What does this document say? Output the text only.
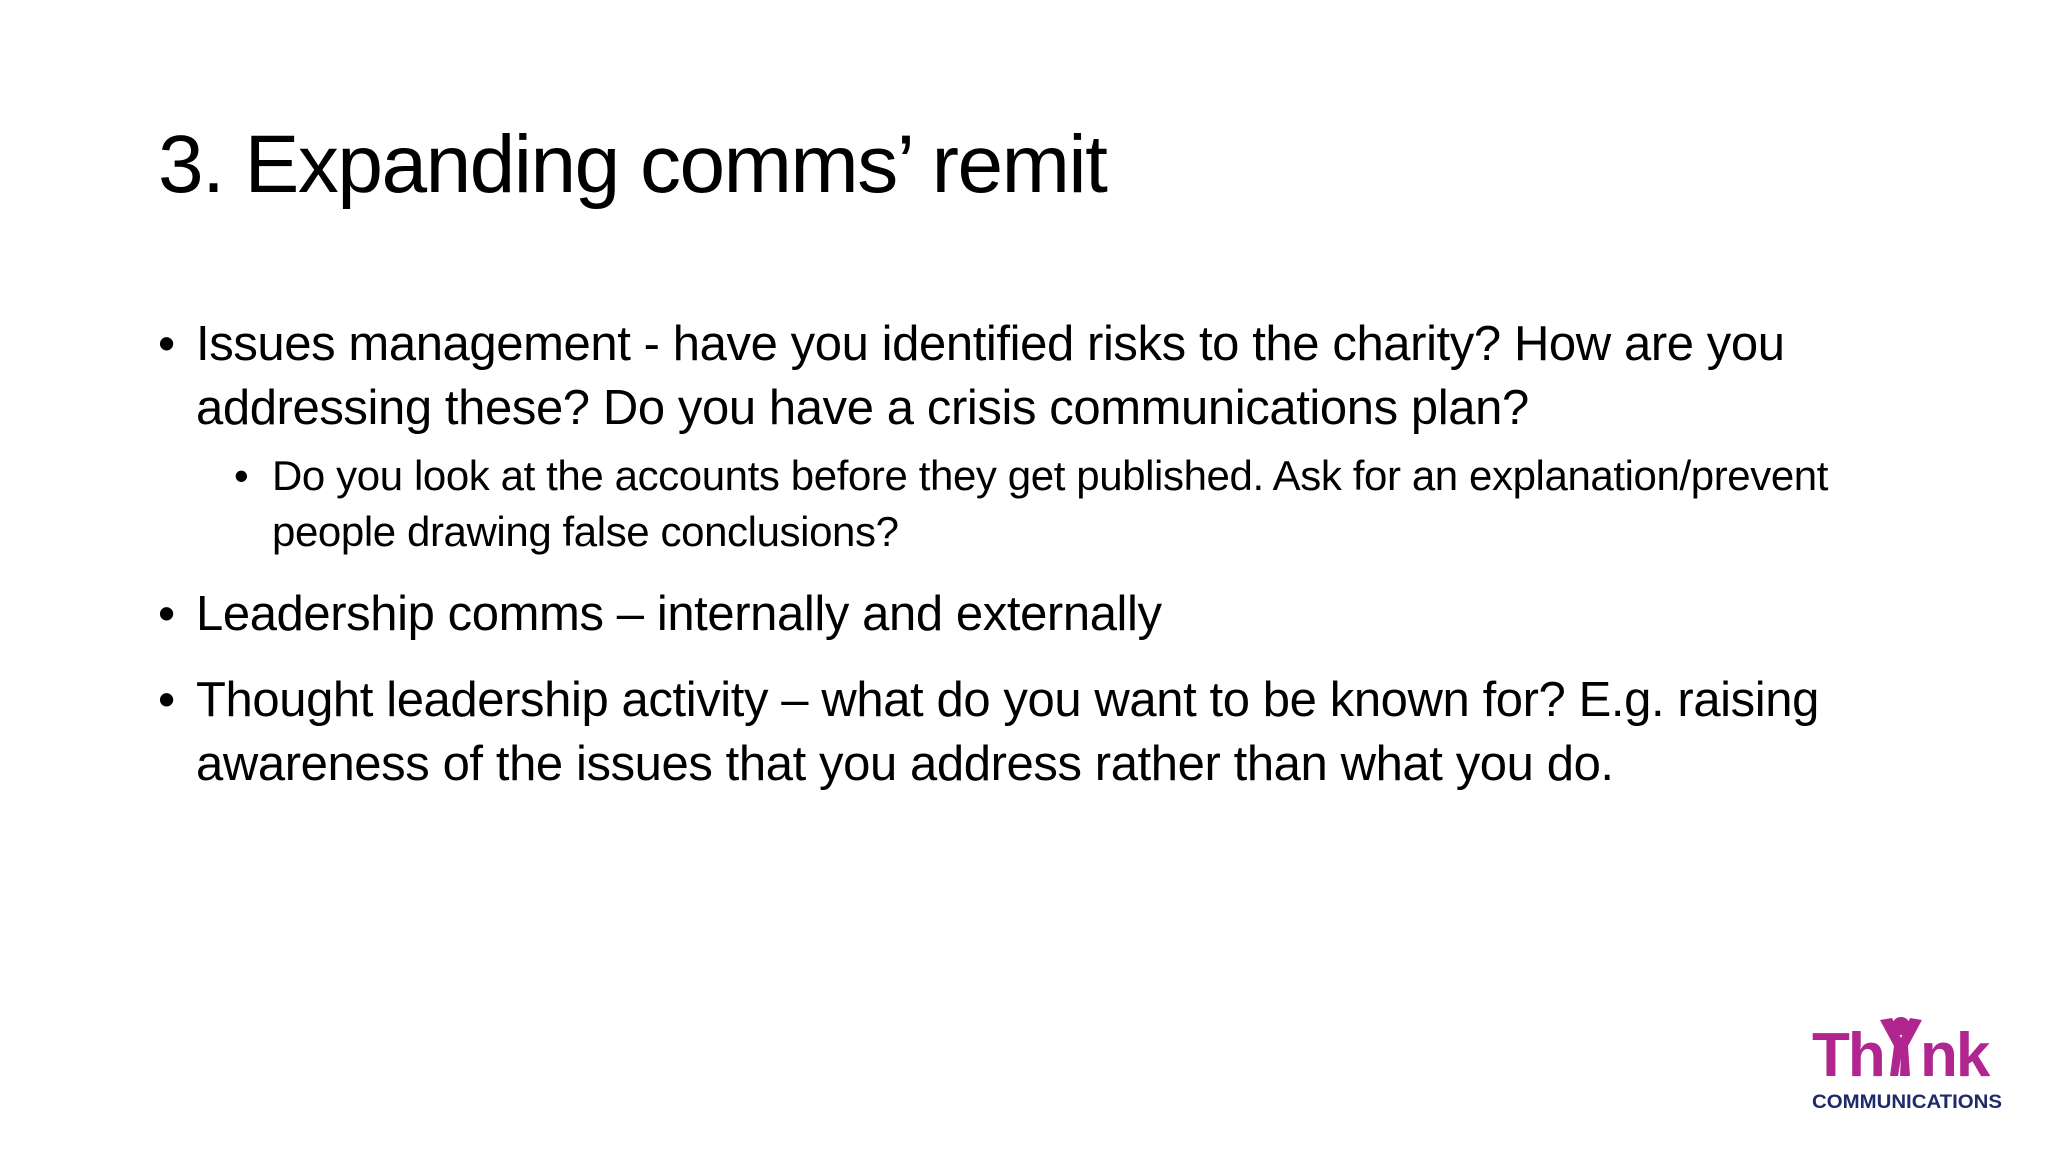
3. Expanding comms’ remit
• Issues management - have you identified risks to the charity? How are you addressing these? Do you have a crisis communications plan?
• Do you look at the accounts before they get published. Ask for an explanation/prevent people drawing false conclusions?
• Leadership comms – internally and externally
• Thought leadership activity – what do you want to be known for? E.g. raising awareness of the issues that you address rather than what you do.
Th nk
COMMUNICATIONS
